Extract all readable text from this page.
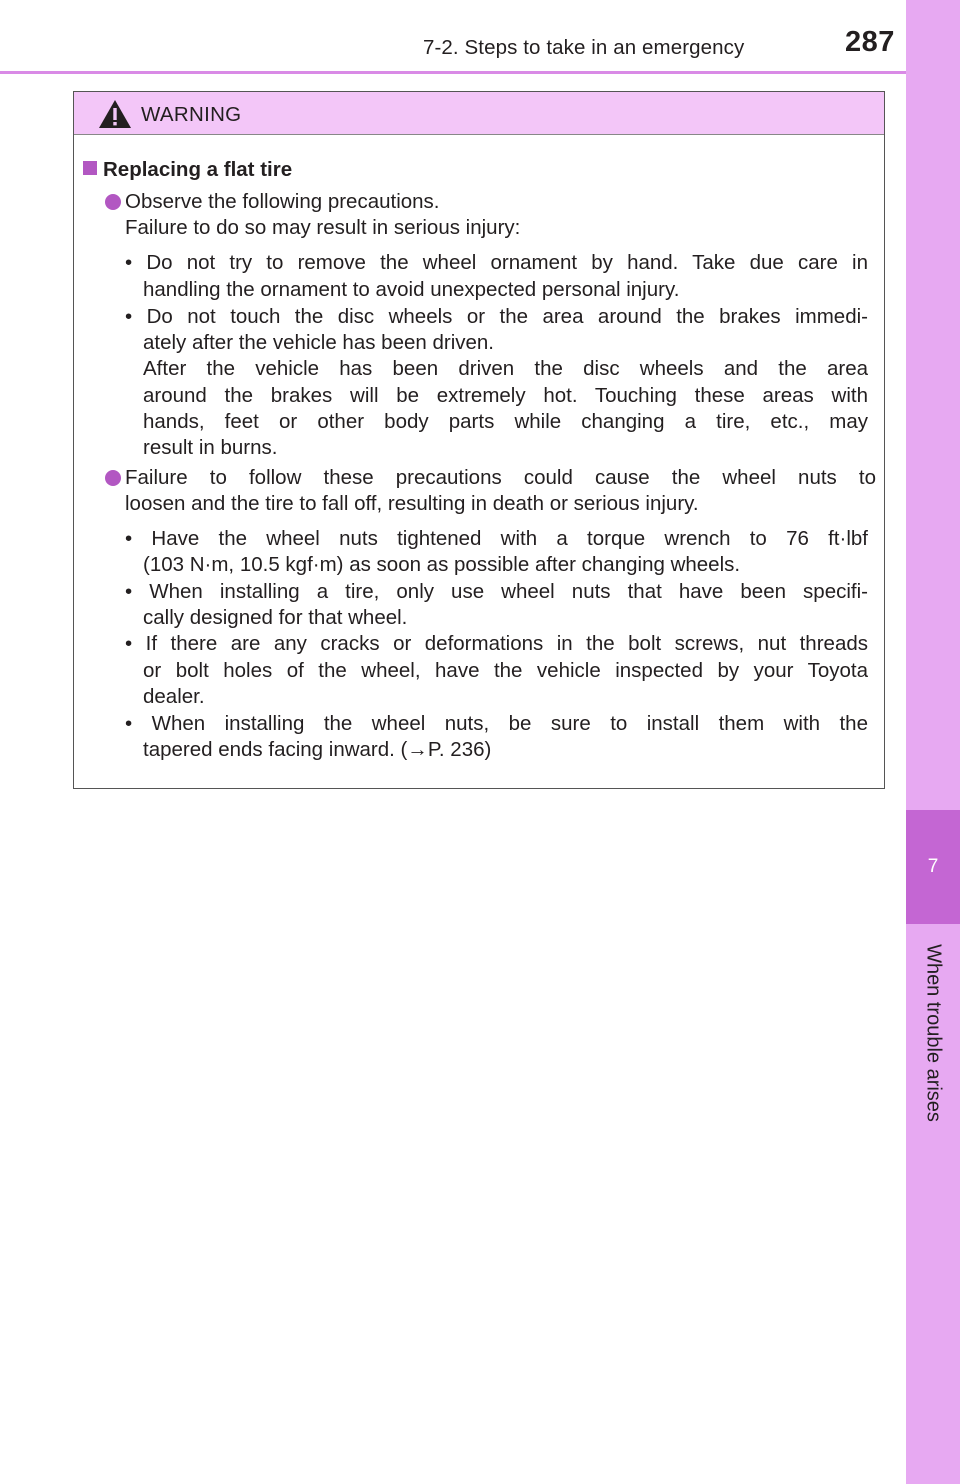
7-2. Steps to take in an emergency	287
7
When trouble arises
WARNING
Replacing a flat tire
Observe the following precautions.
Failure to do so may result in serious injury:
• Do not try to remove the wheel ornament by hand. Take due care in
handling the ornament to avoid unexpected personal injury.
• Do not touch the disc wheels or the area around the brakes immedi-
ately after the vehicle has been driven.
After the vehicle has been driven the disc wheels and the area
around the brakes will be extremely hot. Touching these areas with
hands, feet or other body parts while changing a tire, etc., may
result in burns.
Failure to follow these precautions could cause the wheel nuts to
loosen and the tire to fall off, resulting in death or serious injury.
• Have the wheel nuts tightened with a torque wrench to 76 ft·lbf
(103 N·m, 10.5 kgf·m) as soon as possible after changing wheels.
• When installing a tire, only use wheel nuts that have been specifi-
cally designed for that wheel.
• If there are any cracks or deformations in the bolt screws, nut threads
or bolt holes of the wheel, have the vehicle inspected by your Toyota
dealer.
• When installing the wheel nuts, be sure to install them with the
tapered ends facing inward. (→P. 236)
